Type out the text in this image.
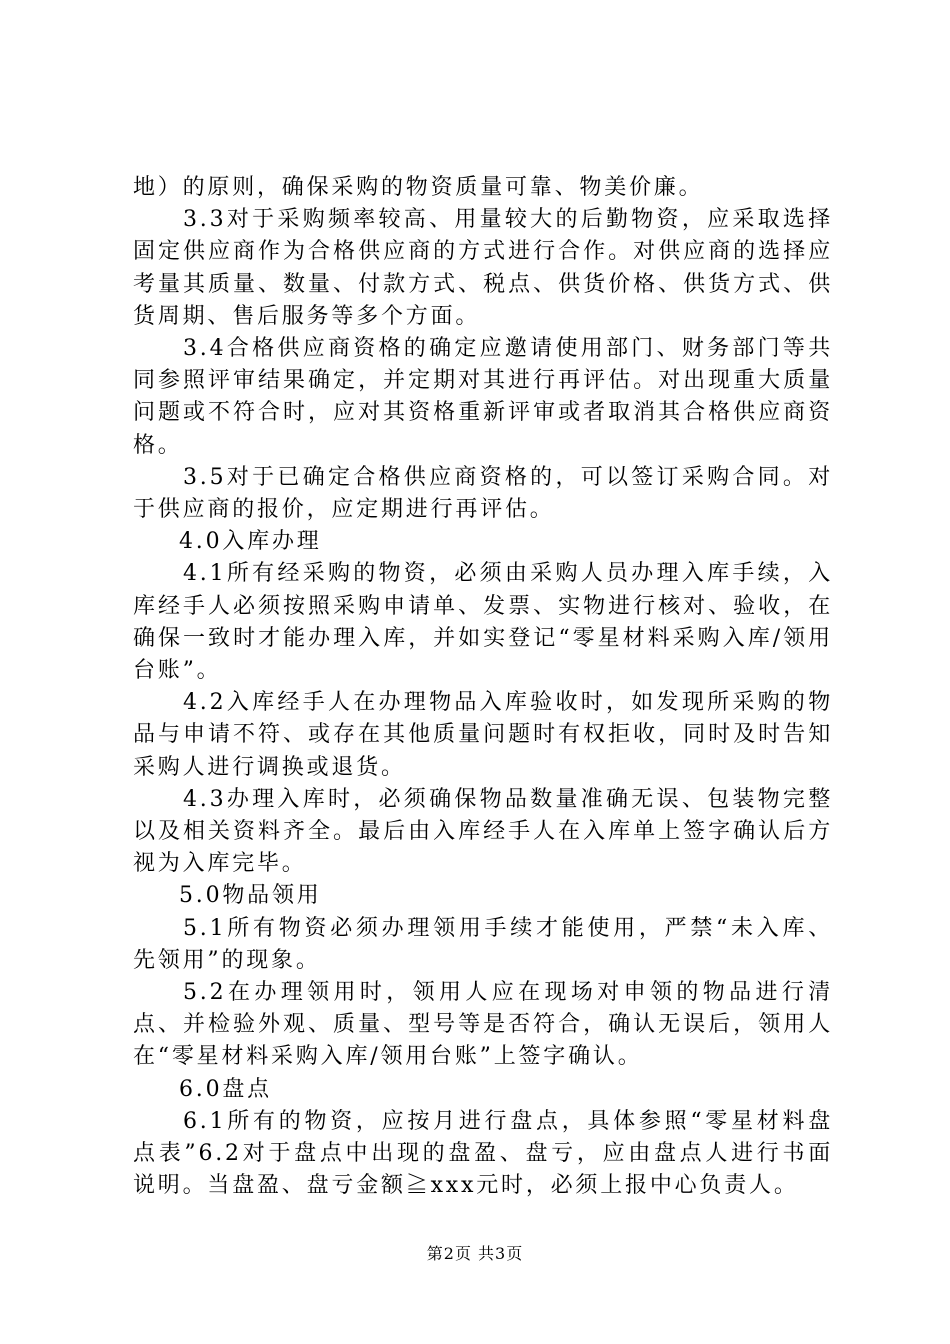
地）的原则，确保采购的物资质量可靠、物美价廉。

3.3对于采购频率较高、用量较大的后勤物资，应采取选择固定供应商作为合格供应商的方式进行合作。对供应商的选择应考量其质量、数量、付款方式、税点、供货价格、供货方式、供货周期、售后服务等多个方面。

3.4合格供应商资格的确定应邀请使用部门、财务部门等共同参照评审结果确定，并定期对其进行再评估。对出现重大质量问题或不符合时，应对其资格重新评审或者取消其合格供应商资格。

3.5对于已确定合格供应商资格的，可以签订采购合同。对于供应商的报价，应定期进行再评估。

4.0入库办理

4.1所有经采购的物资，必须由采购人员办理入库手续，入库经手人必须按照采购申请单、发票、实物进行核对、验收，在确保一致时才能办理入库，并如实登记“零星材料采购入库/领用台账”。

4.2入库经手人在办理物品入库验收时，如发现所采购的物品与申请不符、或存在其他质量问题时有权拒收，同时及时告知采购人进行调换或退货。

4.3办理入库时，必须确保物品数量准确无误、包装物完整以及相关资料齐全。最后由入库经手人在入库单上签字确认后方视为入库完毕。

5.0物品领用

5.1所有物资必须办理领用手续才能使用，严禁“未入库、先领用”的现象。

5.2在办理领用时，领用人应在现场对申领的物品进行清点、并检验外观、质量、型号等是否符合，确认无误后，领用人在“零星材料采购入库/领用台账”上签字确认。

6.0盘点

6.1所有的物资，应按月进行盘点，具体参照“零星材料盘点表”6.2对于盘点中出现的盘盈、盘亏，应由盘点人进行书面说明。当盘盈、盘亏金额≧xxx元时，必须上报中心负责人。

第2页 共3页
